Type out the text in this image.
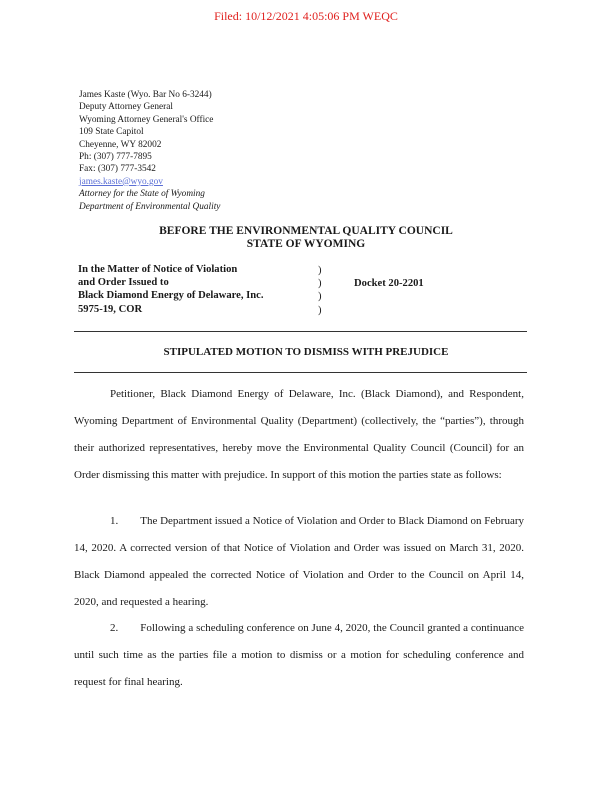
Filed: 10/12/2021 4:05:06 PM WEQC
James Kaste (Wyo. Bar No 6-3244)
Deputy Attorney General
Wyoming Attorney General's Office
109 State Capitol
Cheyenne, WY 82002
Ph: (307) 777-7895
Fax: (307) 777-3542
james.kaste@wyo.gov
Attorney for the State of Wyoming
Department of Environmental Quality
BEFORE THE ENVIRONMENTAL QUALITY COUNCIL
STATE OF WYOMING
In the Matter of Notice of Violation
and Order Issued to
Black Diamond Energy of Delaware, Inc.
5975-19, COR
)
)
)
)
Docket 20-2201
STIPULATED MOTION TO DISMISS WITH PREJUDICE
Petitioner, Black Diamond Energy of Delaware, Inc. (Black Diamond), and Respondent, Wyoming Department of Environmental Quality (Department) (collectively, the “parties”), through their authorized representatives, hereby move the Environmental Quality Council (Council) for an Order dismissing this matter with prejudice. In support of this motion the parties state as follows:
1.  The Department issued a Notice of Violation and Order to Black Diamond on February 14, 2020. A corrected version of that Notice of Violation and Order was issued on March 31, 2020. Black Diamond appealed the corrected Notice of Violation and Order to the Council on April 14, 2020, and requested a hearing.
2.  Following a scheduling conference on June 4, 2020, the Council granted a continuance until such time as the parties file a motion to dismiss or a motion for scheduling conference and request for final hearing.
